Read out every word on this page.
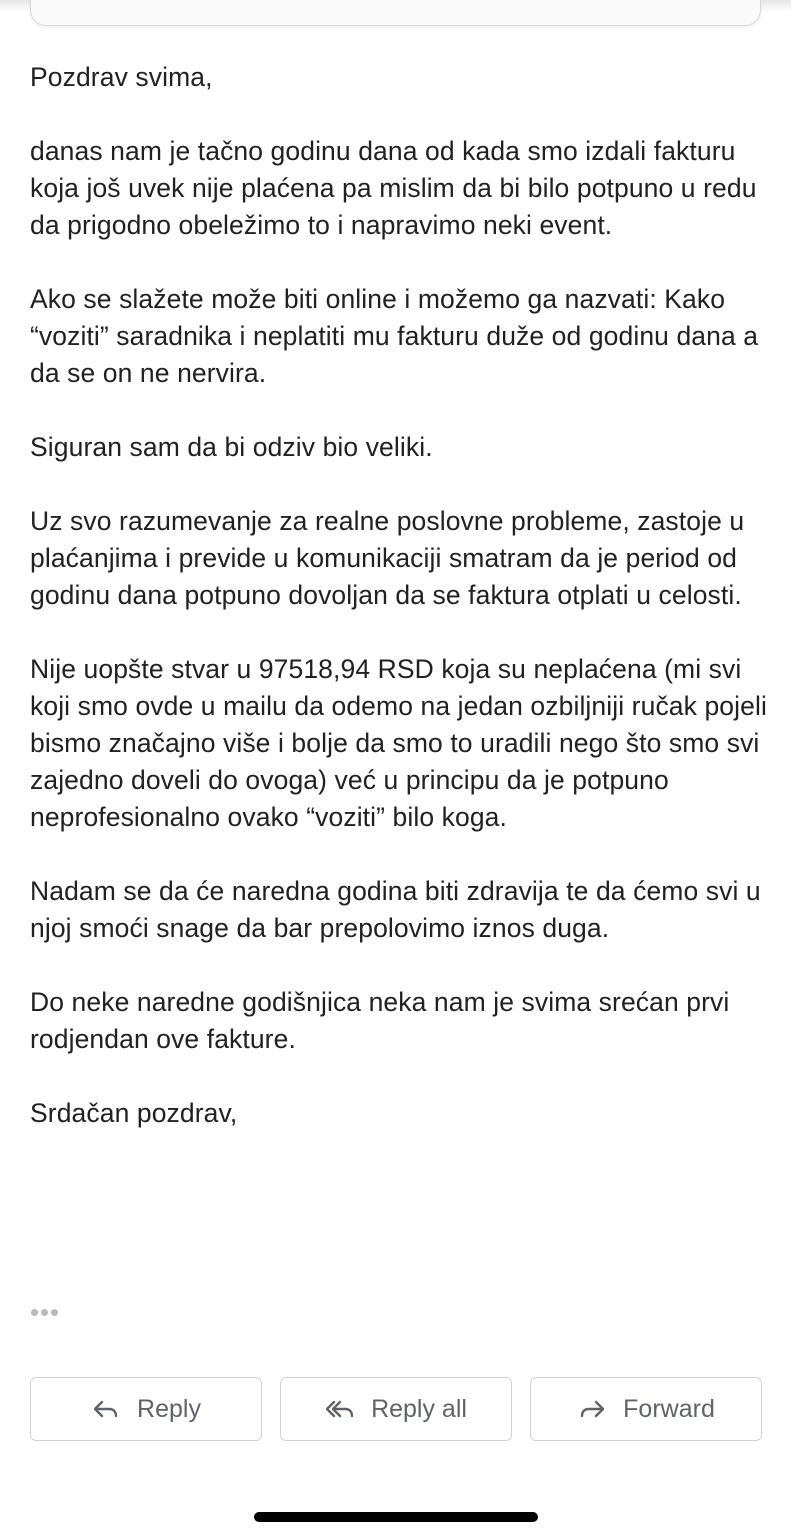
Pozdrav svima,

danas nam je tačno godinu dana od kada smo izdali fakturu koja još uvek nije plaćena pa mislim da bi bilo potpuno u redu da prigodno obeležimo to i napravimo neki event.

Ako se slažete može biti online i možemo ga nazvati: Kako “voziti” saradnika i neplatiti mu fakturu duže od godinu dana a da se on ne nervira.

Siguran sam da bi odziv bio veliki.

Uz svo razumevanje za realne poslovne probleme, zastoje u plaćanjima i previde u komunikaciji smatram da je period od godinu dana potpuno dovoljan da se faktura otplati u celosti.

Nije uopšte stvar u 97518,94 RSD koja su neplaćena (mi svi koji smo ovde u mailu da odemo na jedan ozbiljniji ručak pojeli bismo značajno više i bolje da smo to uradili nego što smo svi zajedno doveli do ovoga) već u principu da je potpuno neprofesionalno ovako “voziti” bilo koga.

Nadam se da će naredna godina biti zdravija te da ćemo svi u njoj smoći snage da bar prepolovimo iznos duga.

Do neke naredne godišnjica neka nam je svima srećan prvi rodjendan ove fakture.

Srdačan pozdrav,

Reply	Reply all	Forward
